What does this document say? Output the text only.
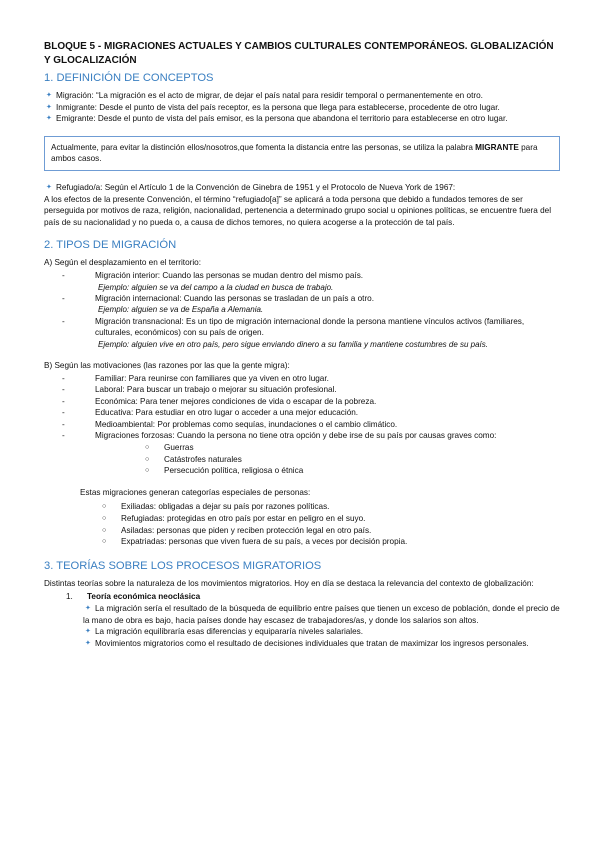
BLOQUE 5 - MIGRACIONES ACTUALES Y CAMBIOS CULTURALES CONTEMPORÁNEOS. GLOBALIZACIÓN Y GLOCALIZACIÓN
1. DEFINICIÓN DE CONCEPTOS
✦ Migración: “La migración es el acto de migrar, de dejar el país natal para residir temporal o permanentemente en otro.
✦ Inmigrante: Desde el punto de vista del país receptor, es la persona que llega para establecerse, procedente de otro lugar.
✦ Emigrante: Desde el punto de vista del país emisor, es la persona que abandona el territorio para establecerse en otro lugar.
Actualmente, para evitar la distinción ellos/nosotros,que fomenta la distancia entre las personas, se utiliza la palabra MIGRANTE para ambos casos.
✦ Refugiado/a: Según el Artículo 1 de la Convención de Ginebra de 1951 y el Protocolo de Nueva York de 1967:
A los efectos de la presente Convención, el término “refugiado[a]” se aplicará a toda persona que debido a fundados temores de ser perseguida por motivos de raza, religión, nacionalidad, pertenencia a determinado grupo social u opiniones políticas, se encuentre fuera del país de su nacionalidad y no pueda o, a causa de dichos temores, no quiera acogerse a la protección de tal país.
2. TIPOS DE MIGRACIÓN
A) Según el desplazamiento en el territorio:
-	Migración interior: Cuando las personas se mudan dentro del mismo país.
Ejemplo: alguien se va del campo a la ciudad en busca de trabajo.
-	Migración internacional: Cuando las personas se trasladan de un país a otro.
Ejemplo: alguien se va de España a Alemania.
-	Migración transnacional: Es un tipo de migración internacional donde la persona mantiene vínculos activos (familiares, culturales, económicos) con su país de origen.
Ejemplo: alguien vive en otro país, pero sigue enviando dinero a su familia y mantiene costumbres de su país.
B) Según las motivaciones (las razones por las que la gente migra):
-	Familiar: Para reunirse con familiares que ya viven en otro lugar.
-	Laboral: Para buscar un trabajo o mejorar su situación profesional.
-	Económica: Para tener mejores condiciones de vida o escapar de la pobreza.
-	Educativa: Para estudiar en otro lugar o acceder a una mejor educación.
-	Medioambiental: Por problemas como sequías, inundaciones o el cambio climático.
-	Migraciones forzosas: Cuando la persona no tiene otra opción y debe irse de su país por causas graves como:
○ Guerras
○ Catástrofes naturales
○ Persecución política, religiosa o étnica
Estas migraciones generan categorías especiales de personas:
○ Exiliadas: obligadas a dejar su país por razones políticas.
○ Refugiadas: protegidas en otro país por estar en peligro en el suyo.
○ Asiladas: personas que piden y reciben protección legal en otro país.
○ Expatriadas: personas que viven fuera de su país, a veces por decisión propia.
3. TEORÍAS SOBRE LOS PROCESOS MIGRATORIOS
Distintas teorías sobre la naturaleza de los movimientos migratorios. Hoy en día se destaca la relevancia del contexto de globalización:
1. Teoría económica neoclásica
✦ La migración sería el resultado de la búsqueda de equilibrio entre países que tienen un exceso de población, donde el precio de la mano de obra es bajo, hacia países donde hay escasez de trabajadores/as, y donde los salarios son altos.
✦ La migración equilibraría esas diferencias y equipararía niveles salariales.
✦ Movimientos migratorios como el resultado de decisiones individuales que tratan de maximizar los ingresos personales.
